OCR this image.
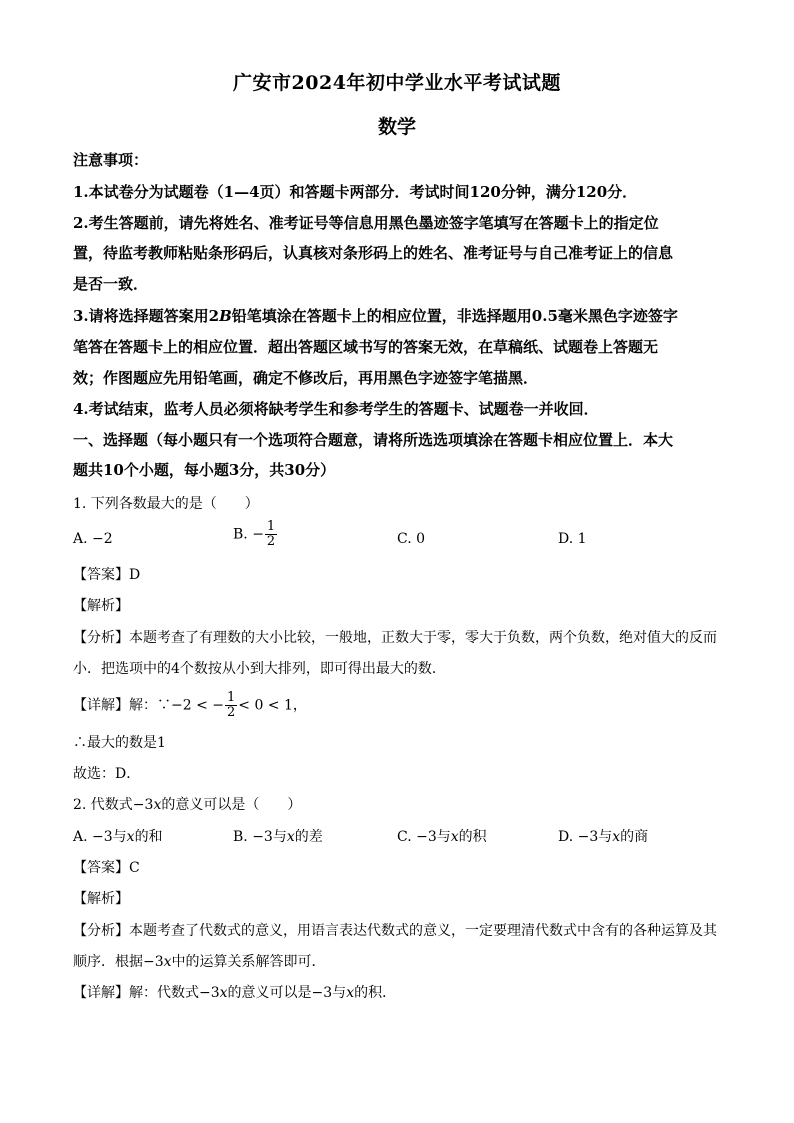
广安市2024年初中学业水平考试试题
数学
注意事项：
1.本试卷分为试题卷（1—4页）和答题卡两部分．考试时间120分钟，满分120分．
2.考生答题前，请先将姓名、准考证号等信息用黑色墨迹签字笔填写在答题卡上的指定位
置，待监考教师粘贴条形码后，认真核对条形码上的姓名、准考证号与自己准考证上的信息
是否一致．
3.请将选择题答案用2B铅笔填涂在答题卡上的相应位置，非选择题用0.5毫米黑色字迹签字
笔答在答题卡上的相应位置．超出答题区域书写的答案无效，在草稿纸、试题卷上答题无
效；作图题应先用铅笔画，确定不修改后，再用黑色字迹签字笔描黑．
4.考试结束，监考人员必须将缺考学生和参考学生的答题卡、试题卷一并收回．
一、选择题（每小题只有一个选项符合题意，请将所选选项填涂在答题卡相应位置上．本大
题共10个小题，每小题3分，共30分）
1. 下列各数最大的是（　　）
A. −2	B. − $\frac{1}{2}$	C. 0	D. 1
【答案】D
【解析】
【分析】本题考查了有理数的大小比较，一般地，正数大于零，零大于负数，两个负数，绝对值大的反而
小．把选项中的4个数按从小到大排列，即可得出最大的数．
【详解】解：∵−2 < − $\frac{1}{2} < 0 < 1$，
∴最大的数是1
故选：D．
2. 代数式−3x的意义可以是（　　）
A. −3与x的和	B. −3与x的差	C. −3与x的积	D. −3与x的商
【答案】C
【解析】
【分析】本题考查了代数式的意义，用语言表达代数式的意义，一定要理清代数式中含有的各种运算及其
顺序．根据−3x中的运算关系解答即可．
【详解】解：代数式−3x的意义可以是−3与x的积．
